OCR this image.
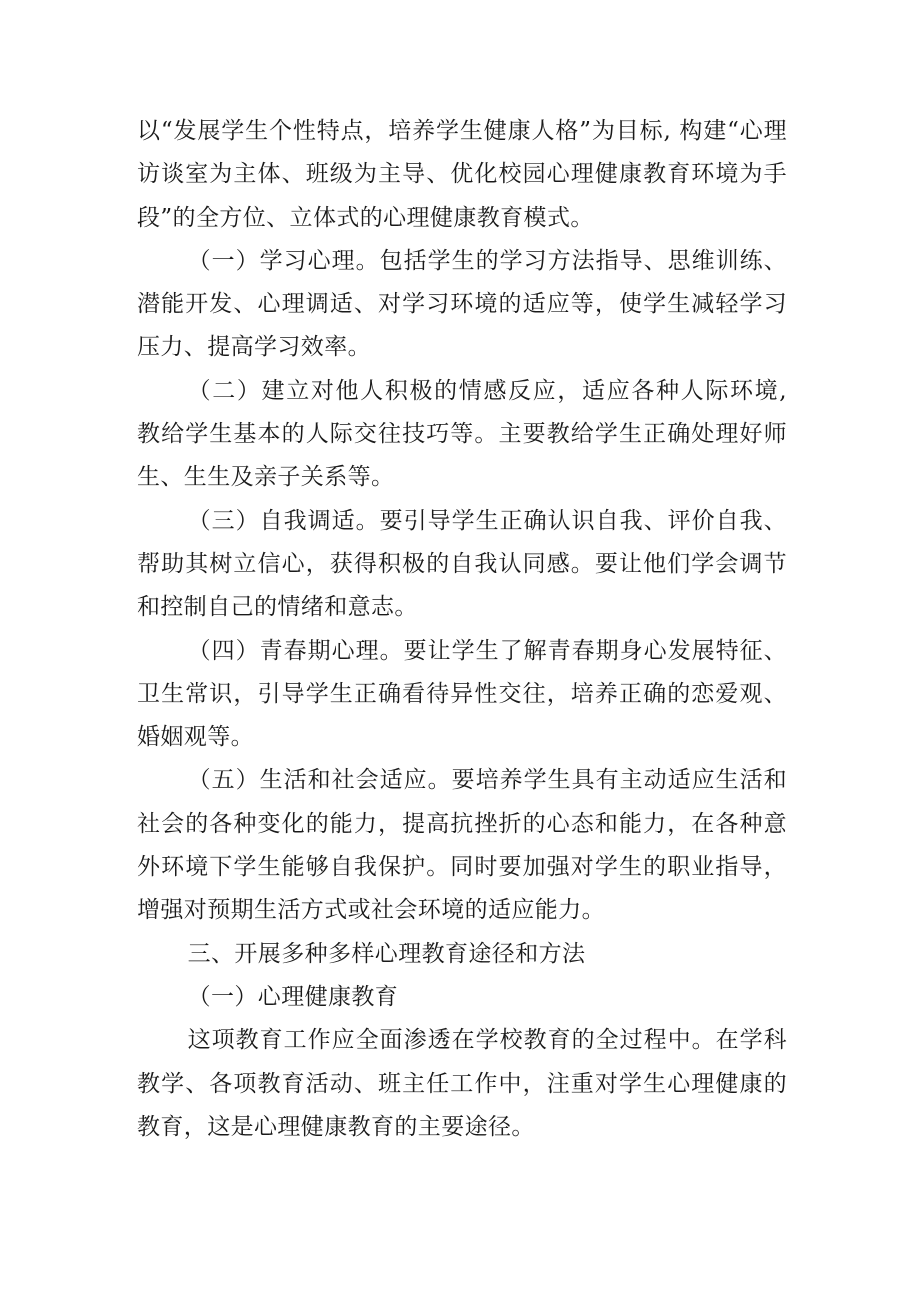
以“发展学生个性特点，培养学生健康人格”为目标, 构建“心理访谈室为主体、班级为主导、优化校园心理健康教育环境为手段”的全方位、立体式的心理健康教育模式。

（一）学习心理。包括学生的学习方法指导、思维训练、潜能开发、心理调适、对学习环境的适应等，使学生减轻学习压力、提高学习效率。

（二）建立对他人积极的情感反应，适应各种人际环境, 教给学生基本的人际交往技巧等。主要教给学生正确处理好师生、生生及亲子关系等。

（三）自我调适。要引导学生正确认识自我、评价自我、帮助其树立信心，获得积极的自我认同感。要让他们学会调节和控制自己的情绪和意志。

（四）青春期心理。要让学生了解青春期身心发展特征、卫生常识，引导学生正确看待异性交往，培养正确的恋爱观、婚姻观等。

（五）生活和社会适应。要培养学生具有主动适应生活和社会的各种变化的能力，提高抗挫折的心态和能力，在各种意外环境下学生能够自我保护。同时要加强对学生的职业指导，增强对预期生活方式或社会环境的适应能力。

三、开展多种多样心理教育途径和方法

（一）心理健康教育

这项教育工作应全面渗透在学校教育的全过程中。在学科教学、各项教育活动、班主任工作中，注重对学生心理健康的教育，这是心理健康教育的主要途径。
